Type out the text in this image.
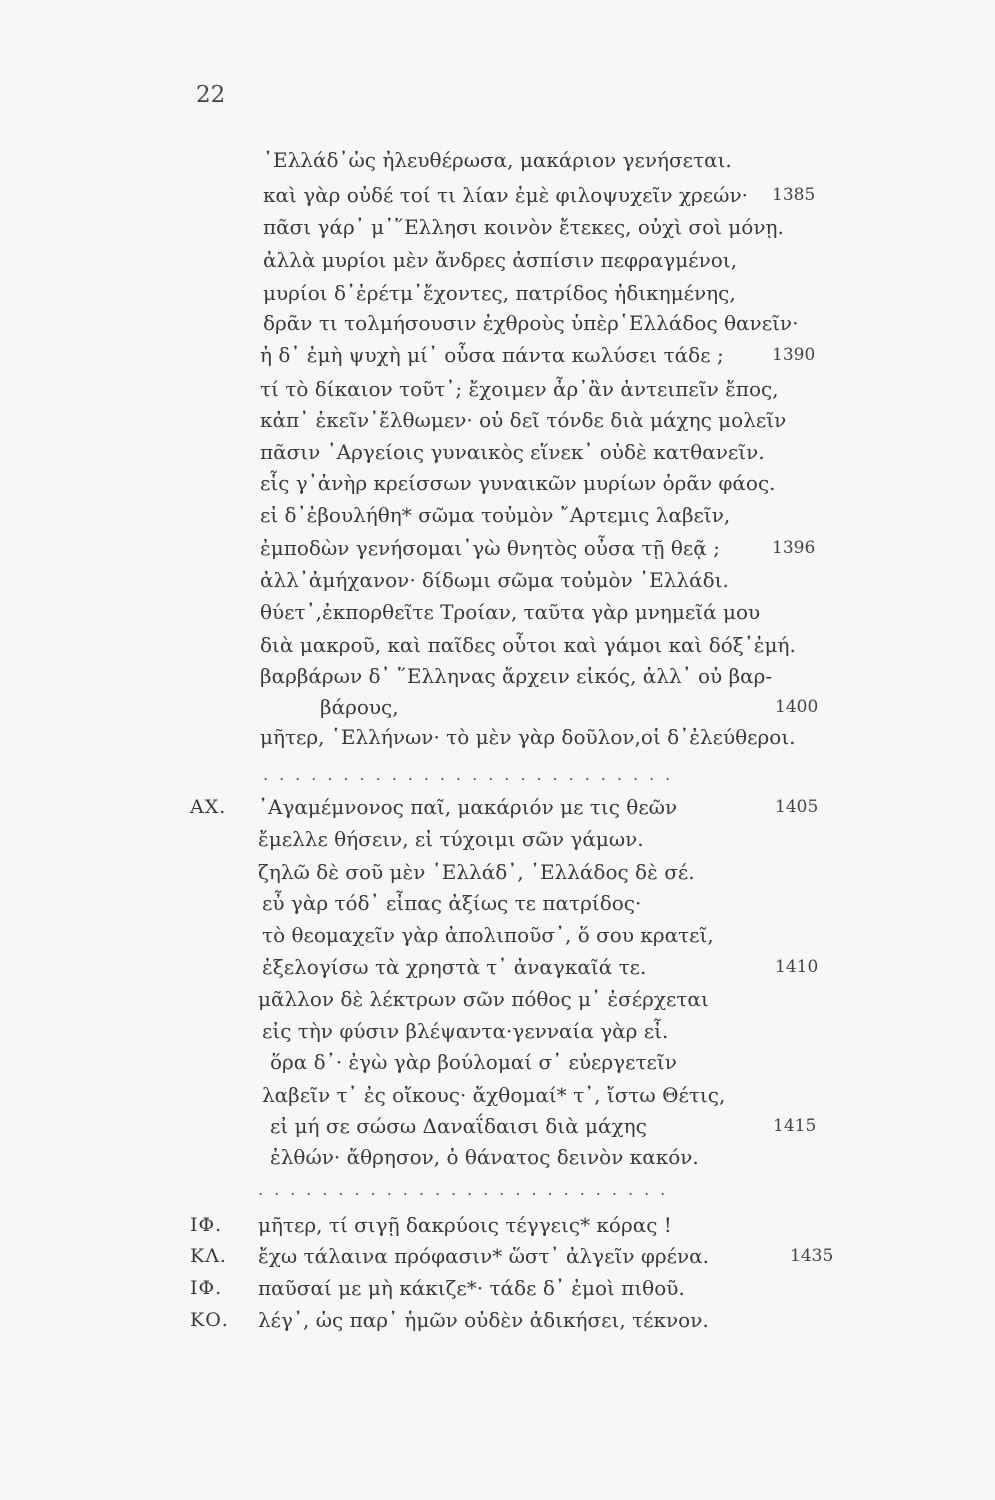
22
῾Ελλάδ᾽ὡς ἠλευθέρωσα, μακάριον γενήσεται.
καὶ γὰρ οὐδέ τοί τι λίαν ἐμὲ φιλοψυχεῖν χρεών· 1385
πᾶσι γάρ᾽ μ᾽῞Ελλησι κοινὸν ἔτεκες, οὐχὶ σοὶ μόνῃ.
ἀλλὰ μυρίοι μὲν ἄνδρες ἀσπίσιν πεφραγμένοι,
μυρίοι δ᾽ἐρέτμ᾽ἔχοντες, πατρίδος ἠδικημένης,
δρᾶν τι τολμήσουσιν ἐχθροὺς ὑπὲρ῾Ελλάδος θανεῖν·
ἡ δ᾽ ἐμὴ ψυχὴ μί᾽ οὖσα πάντα κωλύσει τάδε ;	1390
τί τὸ δίκαιον τοῦτ᾽; ἔχοιμεν ἆρ᾽ἂν ἀντειπεῖν ἔπος,
κἀπ᾽ ἐκεῖν᾽ἔλθωμεν· οὐ δεῖ τόνδε διὰ μάχης μολεῖν
πᾶσιν ᾽Αργείοις γυναικὸς εἵνεκ᾽ οὐδὲ κατθανεῖν.
εἷς γ᾽ἀνὴρ κρείσσων γυναικῶν μυρίων ὁρᾶν φάος.
εἰ δ᾽ἐβουλήθη* σῶμα τοὐμὸν ῎Αρτεμις λαβεῖν,
ἐμποδὼν γενήσομαι᾽γὼ θνητὸς οὖσα τῇ θεᾷ ;	1396
ἀλλ᾽ἀμήχανον· δίδωμι σῶμα τοὐμὸν ῾Ελλάδι.
θύετ᾽,ἐκπορθεῖτε Τροίαν, ταῦτα γὰρ μνημεῖά μου
διὰ μακροῦ, καὶ παῖδες οὗτοι καὶ γάμοι καὶ δόξ᾽ἐμή.
βαρβάρων δ᾽ ῞Ελληνας ἄρχειν εἰκός, ἀλλ᾽ οὐ βαρ-
βάρους,	1400
μῆτερ, ῾Ελλήνων· τὸ μὲν γὰρ δοῦλον,οἱ δ᾽ἐλεύθεροι.
..........................
ΑΧ. ᾽Αγαμέμνονος παῖ, μακάριόν με τις θεῶν	1405
ἔμελλε θήσειν, εἰ τύχοιμι σῶν γάμων.
ζηλῶ δὲ σοῦ μὲν ῾Ελλάδ᾽, ῾Ελλάδος δὲ σέ.
εὖ γὰρ τόδ᾽ εἶπας ἀξίως τε πατρίδος·
τὸ θεομαχεῖν γὰρ ἀπολιποῦσ᾽, ὅ σου κρατεῖ,
ἐξελογίσω τὰ χρηστὰ τ᾽ ἀναγκαῖά τε.	1410
μᾶλλον δὲ λέκτρων σῶν πόθος μ᾽ ἐσέρχεται
εἰς τὴν φύσιν βλέψαντα·γενναία γὰρ εἶ.
ὅρα δ᾽· ἐγὼ γὰρ βούλομαί σ᾽ εὐεργετεῖν
λαβεῖν τ᾽ ἐς οἴκους· ἄχθομαί* τ᾽, ἴστω Θέτις,
εἰ μή σε σώσω Δαναΐδαισι διὰ μάχης	1415
ἐλθών· ἄθρησον, ὁ θάνατος δεινὸν κακόν.
..........................
ΙΦ. μῆτερ, τί σιγῇ δακρύοις τέγγεις* κόρας !
ΚΛ. ἔχω τάλαινα πρόφασιν* ὥστ᾽ ἀλγεῖν φρένα.	1435
ΙΦ. παῦσαί με μὴ κάκιζε*· τάδε δ᾽ ἐμοὶ πιθοῦ.
ΚΟ. λέγ᾽, ὡς παρ᾽ ἡμῶν οὐδὲν ἀδικήσει, τέκνον.
